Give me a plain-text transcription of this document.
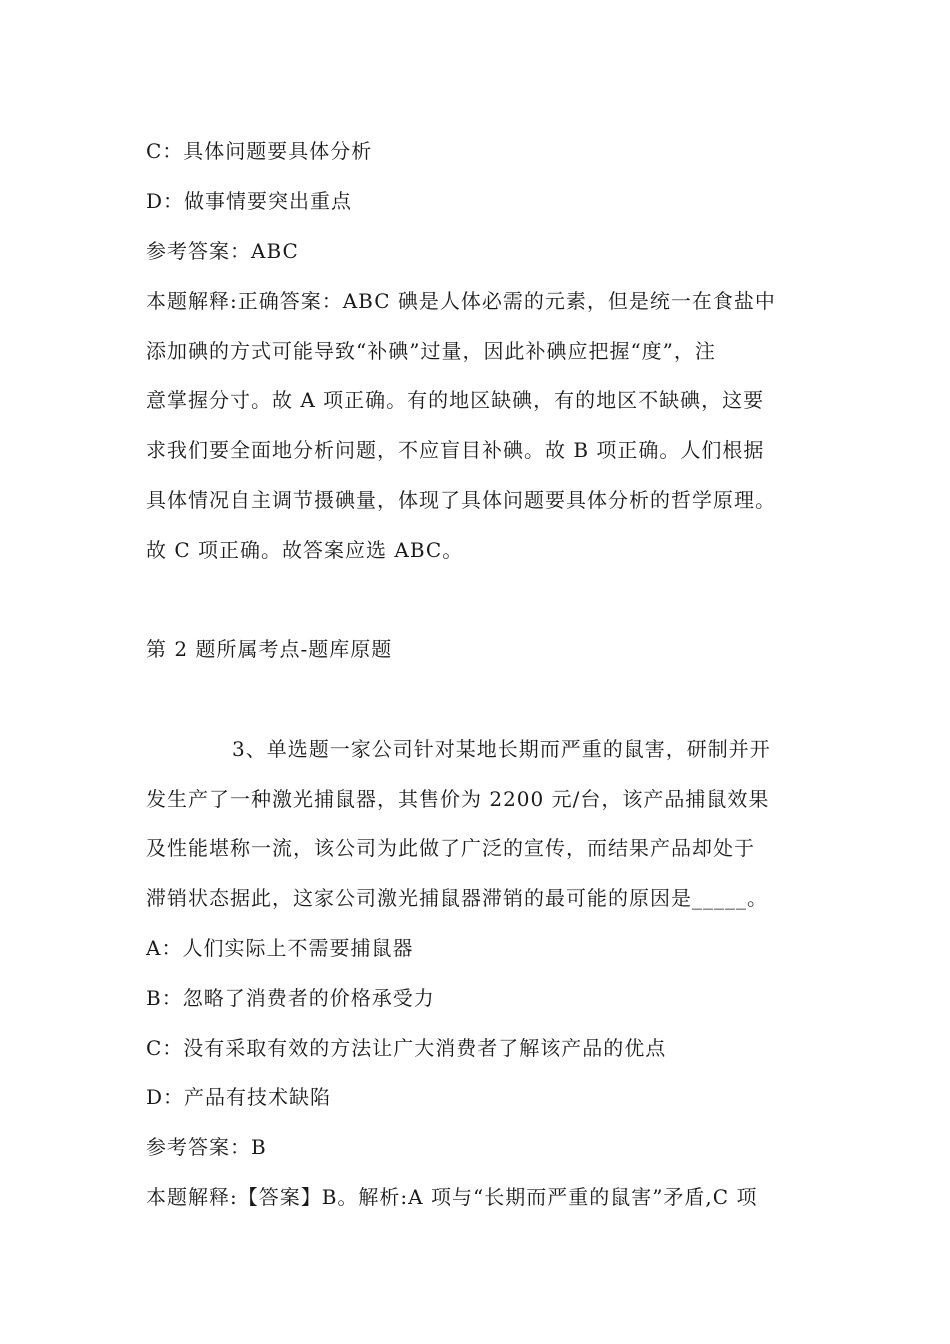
C：具体问题要具体分析
D：做事情要突出重点
参考答案：ABC
本题解释:正确答案：ABC 碘是人体必需的元素，但是统一在食盐中
添加碘的方式可能导致“补碘”过量，因此补碘应把握“度”，注
意掌握分寸。故 A 项正确。有的地区缺碘，有的地区不缺碘，这要
求我们要全面地分析问题，不应盲目补碘。故 B 项正确。人们根据
具体情况自主调节摄碘量，体现了具体问题要具体分析的哲学原理。
故 C 项正确。故答案应选 ABC。
第 2 题所属考点-题库原题
3、单选题一家公司针对某地长期而严重的鼠害，研制并开
发生产了一种激光捕鼠器，其售价为 2200 元/台，该产品捕鼠效果
及性能堪称一流，该公司为此做了广泛的宣传，而结果产品却处于
滞销状态据此，这家公司激光捕鼠器滞销的最可能的原因是_____。
A：人们实际上不需要捕鼠器
B：忽略了消费者的价格承受力
C：没有采取有效的方法让广大消费者了解该产品的优点
D：产品有技术缺陷
参考答案：B
本题解释:【答案】B。解析:A 项与“长期而严重的鼠害”矛盾,C 项
